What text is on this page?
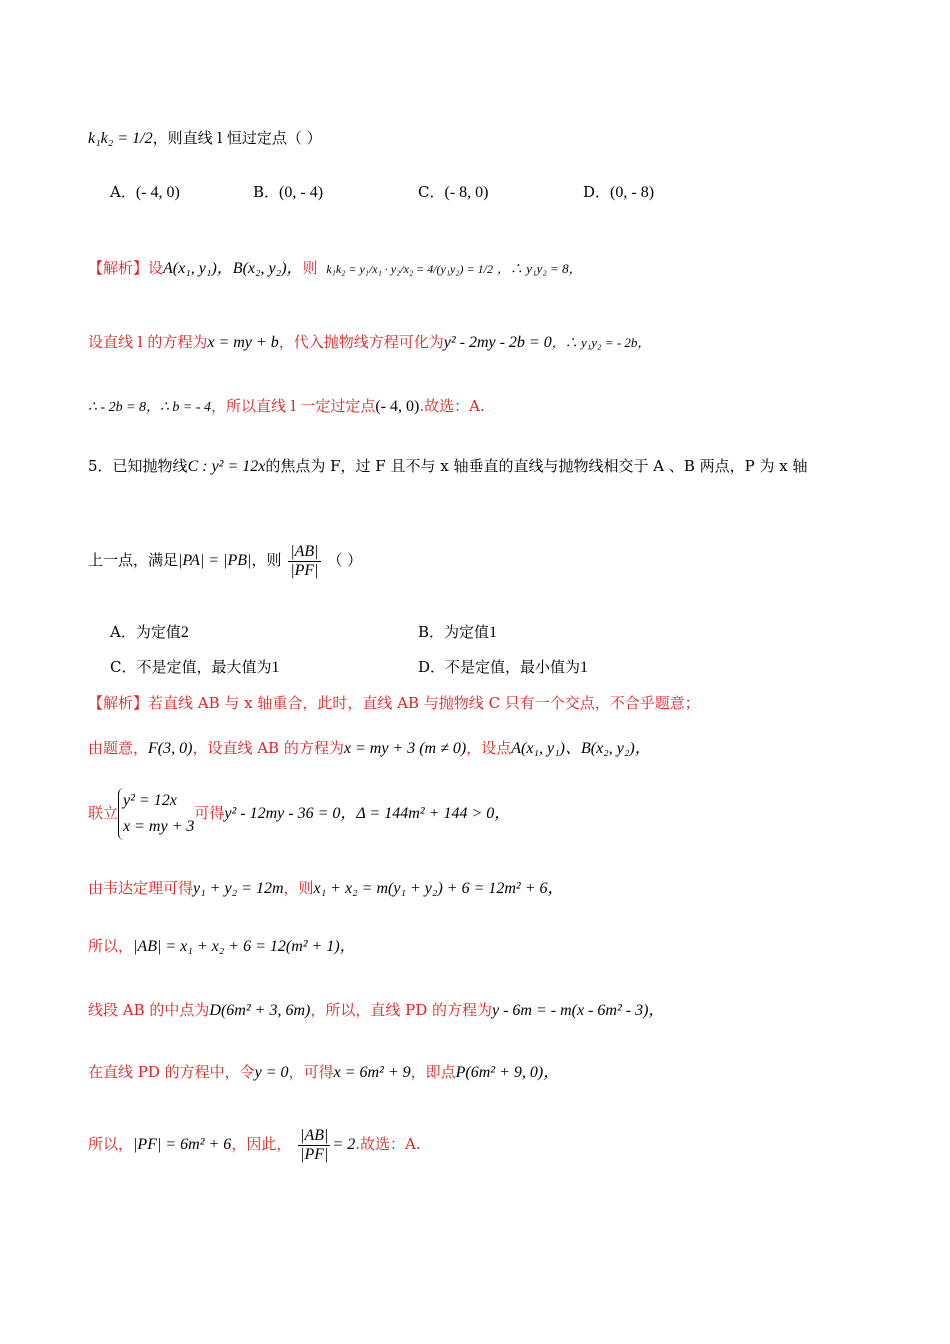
k₁k₂ = 1/2，则直线 l 恒过定点（ ）
A．(- 4, 0)	B．(0, - 4)	C．(- 8, 0)	D．(0, - 8)
【解析】设A(x₁, y₁)，B(x₂, y₂)，则 k₁k₂ = y₁/x₁ · y₂/x₂ = 4/(y₁y₂) = 1/2 ，∴ y₁y₂ = 8，
设直线 l 的方程为x = my + b，代入抛物线方程可化为y² - 2my - 2b = 0，∴ y₁y₂ = - 2b，
∴ - 2b = 8，∴ b = - 4，所以直线 l 一定过定点(- 4, 0).故选：A.
5．已知抛物线C : y² = 12x的焦点为 F，过 F 且不与 x 轴垂直的直线与抛物线相交于 A 、B 两点，P 为 x 轴
上一点，满足|PA| = |PB|，则 $\frac{|AB|}{|PF|}$ （ ）
A．为定值2	B．为定值1
C．不是定值，最大值为1	D．不是定值，最小值为1
【解析】若直线 AB 与 x 轴重合，此时，直线 AB 与抛物线 C 只有一个交点，不合乎题意；
由题意，F(3, 0)，设直线 AB 的方程为x = my + 3 (m ≠ 0)，设点A(x₁, y₁)、B(x₂, y₂)，
联立
y² = 12x
x = my + 3
可得y² - 12my - 36 = 0，Δ = 144m² + 144 > 0，
由韦达定理可得y₁ + y₂ = 12m，则x₁ + x₂ = m(y₁ + y₂) + 6 = 12m² + 6，
所以，|AB| = x₁ + x₂ + 6 = 12(m² + 1)，
线段 AB 的中点为D(6m² + 3, 6m)，所以，直线 PD 的方程为y - 6m = - m(x - 6m² - 3)，
在直线 PD 的方程中，令y = 0，可得x = 6m² + 9，即点P(6m² + 9, 0)，
所以，|PF| = 6m² + 6，因此， $\frac{|AB|}{|PF|} = 2$.故选：A.
